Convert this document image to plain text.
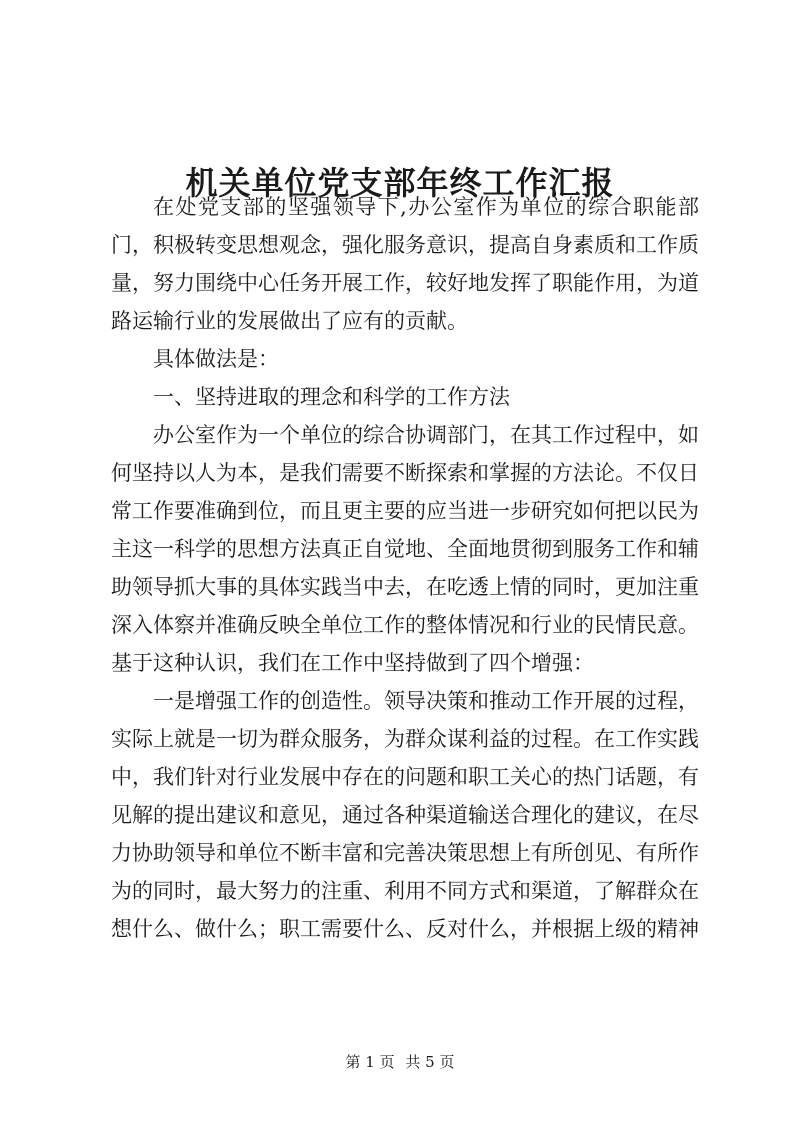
机关单位党支部年终工作汇报

在处党支部的坚强领导下,办公室作为单位的综合职能部门，积极转变思想观念，强化服务意识，提高自身素质和工作质量，努力围绕中心任务开展工作，较好地发挥了职能作用，为道路运输行业的发展做出了应有的贡献。

具体做法是：

一、坚持进取的理念和科学的工作方法

办公室作为一个单位的综合协调部门，在其工作过程中，如何坚持以人为本，是我们需要不断探索和掌握的方法论。不仅日常工作要准确到位，而且更主要的应当进一步研究如何把以民为主这一科学的思想方法真正自觉地、全面地贯彻到服务工作和辅助领导抓大事的具体实践当中去，在吃透上情的同时，更加注重深入体察并准确反映全单位工作的整体情况和行业的民情民意。基于这种认识，我们在工作中坚持做到了四个增强：

一是增强工作的创造性。领导决策和推动工作开展的过程，实际上就是一切为群众服务，为群众谋利益的过程。在工作实践中，我们针对行业发展中存在的问题和职工关心的热门话题，有见解的提出建议和意见，通过各种渠道输送合理化的建议，在尽力协助领导和单位不断丰富和完善决策思想上有所创见、有所作为的同时，最大努力的注重、利用不同方式和渠道，了解群众在想什么、做什么；职工需要什么、反对什么，并根据上级的精神

第 1 页 共 5 页
